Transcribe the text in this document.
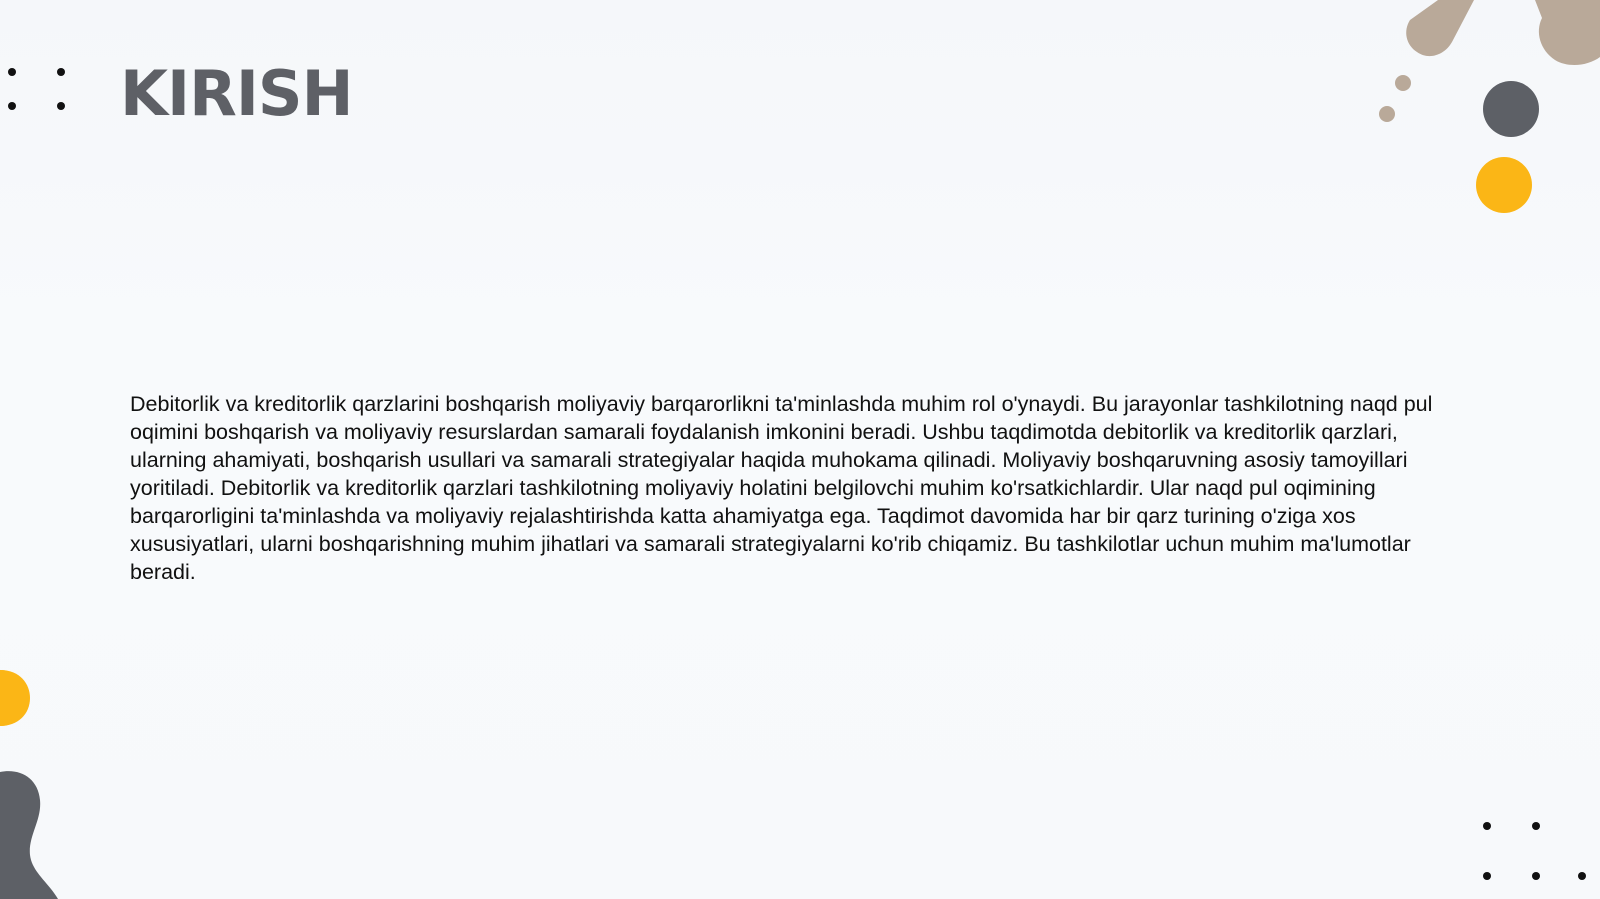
KIRISH

Debitorlik va kreditorlik qarzlarini boshqarish moliyaviy barqarorlikni ta'minlashda muhim rol o'ynaydi. Bu jarayonlar tashkilotning naqd pul oqimini boshqarish va moliyaviy resurslardan samarali foydalanish imkonini beradi. Ushbu taqdimotda debitorlik va kreditorlik qarzlari, ularning ahamiyati, boshqarish usullari va samarali strategiyalar haqida muhokama qilinadi. Moliyaviy boshqaruvning asosiy tamoyillari yoritiladi. Debitorlik va kreditorlik qarzlari tashkilotning moliyaviy holatini belgilovchi muhim ko'rsatkichlardir. Ular naqd pul oqimining barqarorligini ta'minlashda va moliyaviy rejalashtirishda katta ahamiyatga ega. Taqdimot davomida har bir qarz turining o'ziga xos xususiyatlari, ularni boshqarishning muhim jihatlari va samarali strategiyalarni ko'rib chiqamiz. Bu tashkilotlar uchun muhim ma'lumotlar beradi.
